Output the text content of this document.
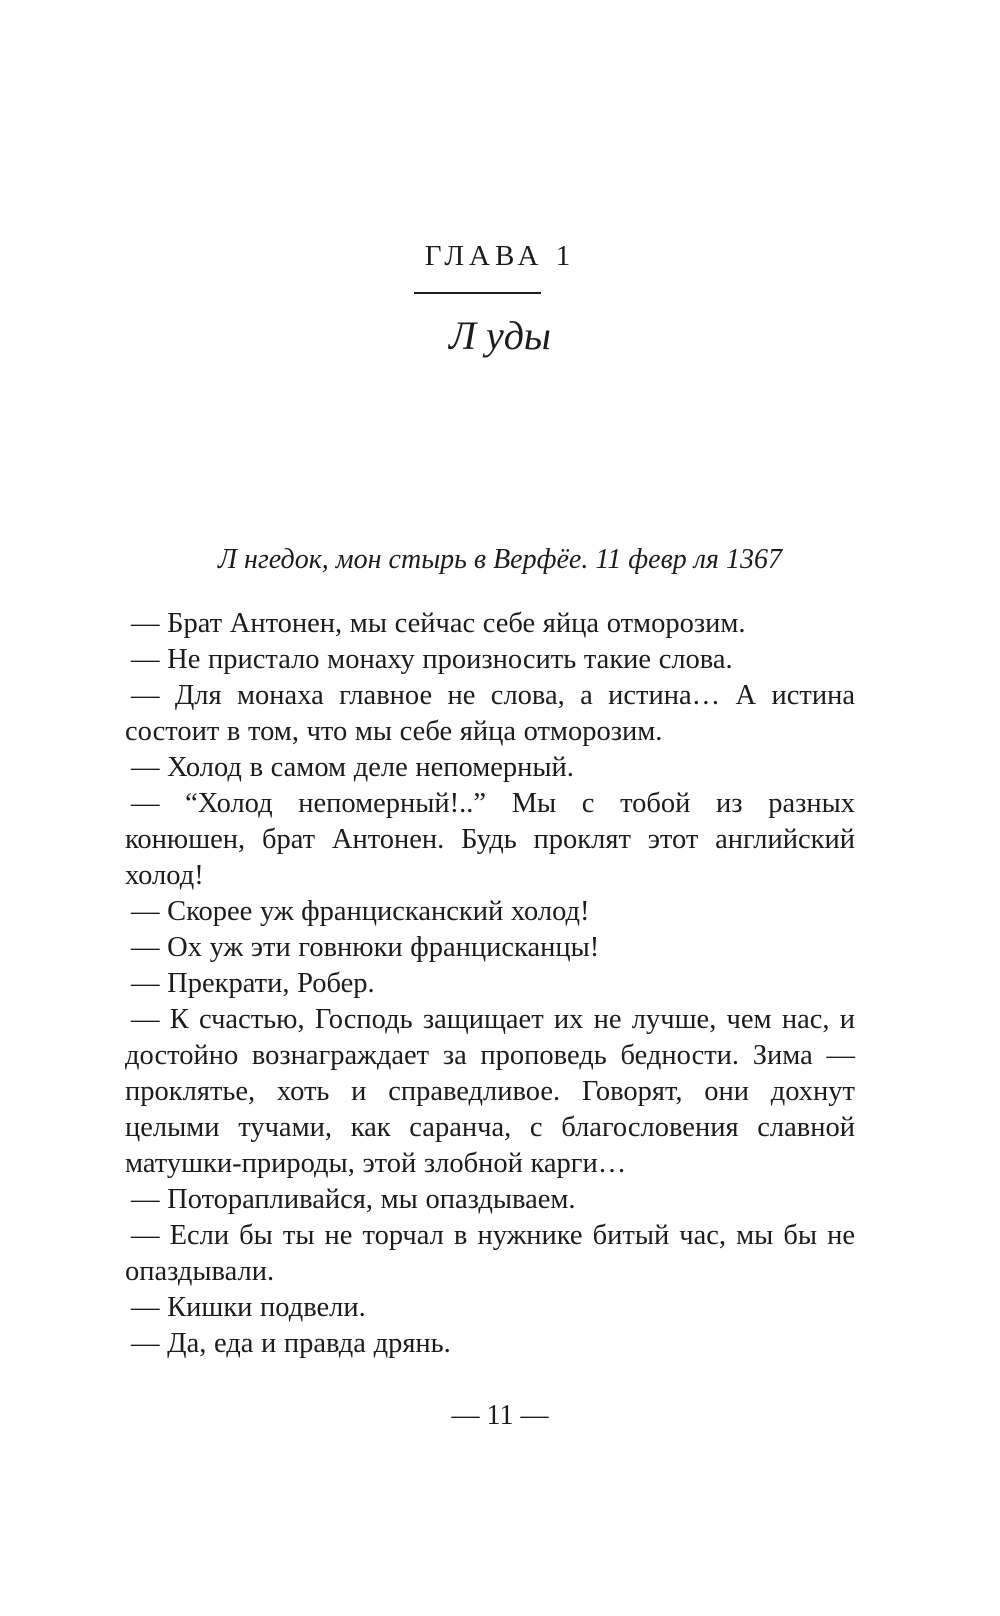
ГЛАВА 1
Л уды
Л нгедок, мон стырь в Верфёе. 11 февр ля 1367

— Брат Антонен, мы сейчас себе яйца отморозим.

— Не пристало монаху произносить такие слова.

— Для монаха главное не слова, а истина… А истина состоит в том, что мы себе яйца отморозим.

— Холод в самом деле непомерный.

— “Холод непомерный!..” Мы с тобой из разных конюшен, брат Антонен. Будь проклят этот английский холод!

— Скорее уж францисканский холод!

— Ох уж эти говнюки францисканцы!

— Прекрати, Робер.

— К счастью, Господь защищает их не лучше, чем нас, и достойно вознаграждает за проповедь бедности. Зима — проклятье, хоть и справедливое. Говорят, они дохнут целыми тучами, как саранча, с благословения славной матушки-природы, этой злобной карги…

— Поторапливайся, мы опаздываем.

— Если бы ты не торчал в нужнике битый час, мы бы не опаздывали.

— Кишки подвели.

— Да, еда и правда дрянь.

— 11 —
